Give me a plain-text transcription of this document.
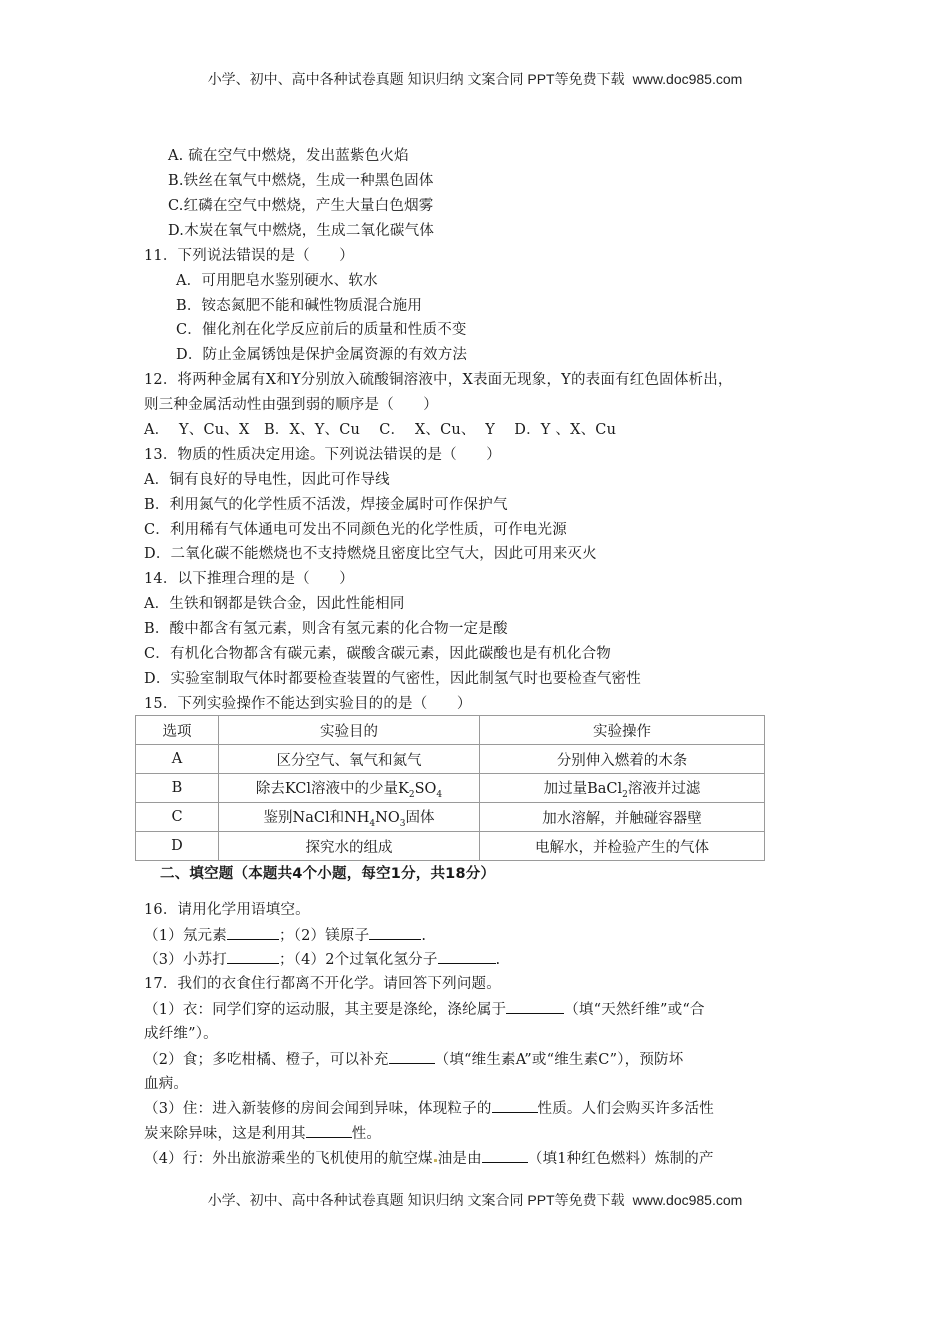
小学、初中、高中各种试卷真题 知识归纳 文案合同 PPT等免费下载 www.doc985.com
A. 硫在空气中燃烧，发出蓝紫色火焰
B.铁丝在氧气中燃烧，生成一种黑色固体
C.红磷在空气中燃烧，产生大量白色烟雾
D.木炭在氧气中燃烧，生成二氧化碳气体
11．下列说法错误的是（　　）
A．可用肥皂水鉴别硬水、软水
B．铵态氮肥不能和碱性物质混合施用
C．催化剂在化学反应前后的质量和性质不变
D．防止金属锈蚀是保护金属资源的有效方法
12．将两种金属有X和Y分别放入硫酸铜溶液中，X表面无现象，Y的表面有红色固体析出，
则三种金属活动性由强到弱的顺序是（　　）
A．  Y、Cu、X   B．X、Y、Cu    C．  X、Cu、  Y    D．Y 、X、Cu
13．物质的性质决定用途。下列说法错误的是（　　）
A．铜有良好的导电性，因此可作导线
B．利用氮气的化学性质不活泼，焊接金属时可作保护气
C．利用稀有气体通电可发出不同颜色光的化学性质，可作电光源
D．二氧化碳不能燃烧也不支持燃烧且密度比空气大，因此可用来灭火
14．以下推理合理的是（　　）
A．生铁和钢都是铁合金，因此性能相同
B．酸中都含有氢元素，则含有氢元素的化合物一定是酸
C．有机化合物都含有碳元素，碳酸含碳元素，因此碳酸也是有机化合物
D．实验室制取气体时都要检查装置的气密性，因此制氢气时也要检查气密性
15．下列实验操作不能达到实验目的的是（　　）
选项	实验目的	实验操作
A	区分空气、氧气和氮气	分别伸入燃着的木条
B	除去KCl溶液中的少量$K_2SO_4$	加过量BaCl$_2$溶液并过滤
C	鉴别NaCl和$NH_4NO_3$固体	加水溶解，并触碰容器壁
D	探究水的组成	电解水，并检验产生的气体
二、填空题（本题共4个小题，每空1分，共18分）
16．请用化学用语填空。
（1）氖元素	；（2）镁原子	.
（3）小苏打	；（4）2个过氧化氢分子	.
17．我们的衣食住行都离不开化学。请回答下列问题。
（1）衣：同学们穿的运动服，其主要是涤纶，涤纶属于	（填“天然纤维”或“合
成纤维”）。
（2）食；多吃柑橘、橙子，可以补充	（填“维生素A”或“维生素C”），预防坏
血病。
（3）住：进入新装修的房间会闻到异味，体现粒子的	性质。人们会购买许多活性
炭来除异味，这是利用其	性。
（4）行：外出旅游乘坐的飞机使用的航空煤 油是由	（填1种红色燃料）炼制的产
小学、初中、高中各种试卷真题 知识归纳 文案合同 PPT等免费下载 www.doc985.com
